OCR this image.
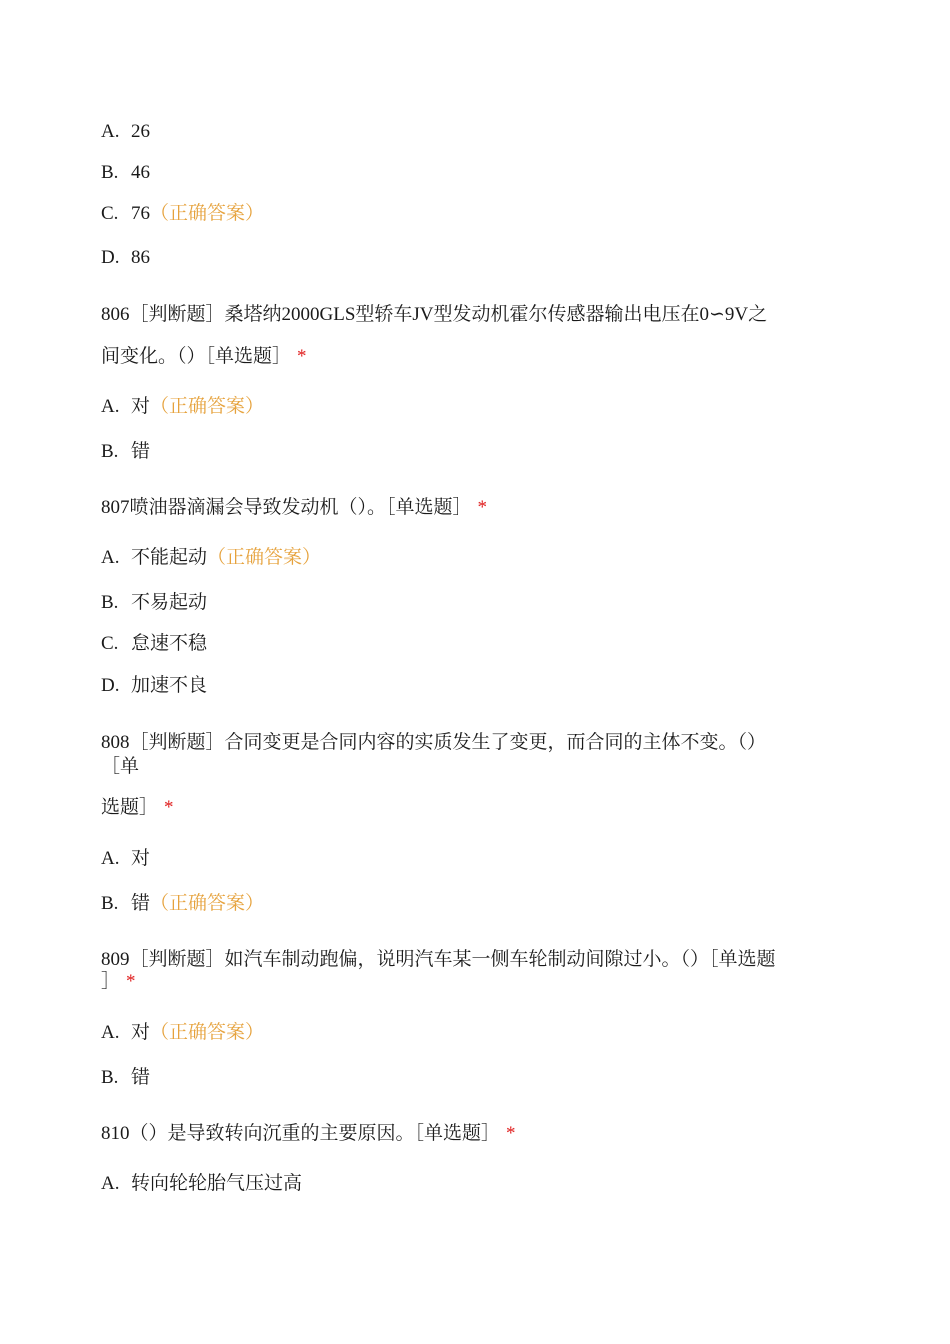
A. 26
B. 46
C. 76（正确答案）
D. 86
806［判断题］桑塔纳2000GLS型轿车JV型发动机霍尔传感器输出电压在0∽9V之
间变化。（）［单选题］ *
A. 对（正确答案）
B. 错
807喷油器滴漏会导致发动机（）。［单选题］ *
A. 不能起动（正确答案）
B. 不易起动
C. 怠速不稳
D. 加速不良
808［判断题］合同变更是合同内容的实质发生了变更，而合同的主体不变。（）
［单
选题］ *
A. 对
B. 错（正确答案）
809［判断题］如汽车制动跑偏，说明汽车某一侧车轮制动间隙过小。（）［单选题
］ *
A. 对（正确答案）
B. 错
810（）是导致转向沉重的主要原因。［单选题］ *
A. 转向轮轮胎气压过高
